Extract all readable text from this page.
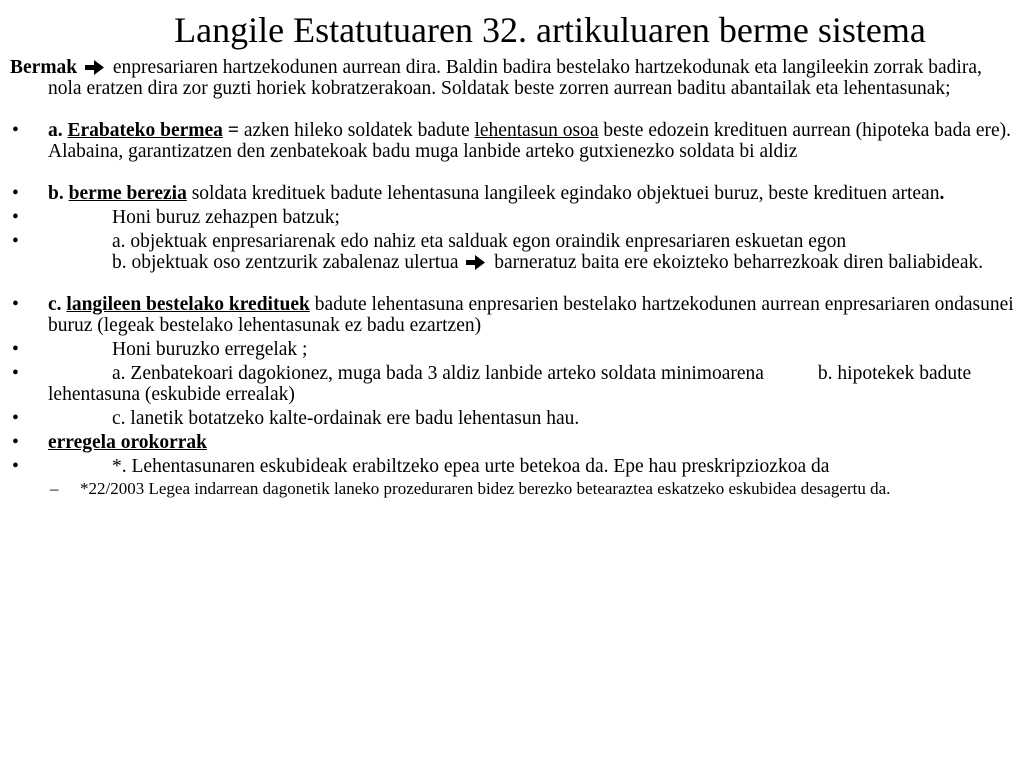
Langile Estatutuaren 32. artikuluaren berme sistema

Bermak enpresariaren hartzekodunen aurrean dira. Baldin badira bestelako hartzekodunak eta langileekin zorrak badira, nola eratzen dira zor guzti horiek kobratzerakoan. Soldatak beste zorren aurrean baditu abantailak eta lehentasunak;

• a. Erabateko bermea = azken hileko soldatek badute lehentasun osoa beste edozein kredituen aurrean (hipoteka bada ere). Alabaina, garantizatzen den zenbatekoak badu muga lanbide arteko gutxienezko soldata bi aldiz
• b. berme berezia soldata kredituek badute lehentasuna langileek egindako objektuei buruz, beste kredituen artean.
•	Honi buruz zehazpen batzuk;
•	a. objektuak enpresariarenak edo nahiz eta salduak egon oraindik enpresariaren eskuetan egon
b. objektuak oso zentzurik zabalenaz ulertua barneratuz baita ere ekoizteko beharrezkoak diren baliabideak.
• c. langileen bestelako kredituek badute lehentasuna enpresarien bestelako hartzekodunen aurrean enpresariaren ondasunei buruz (legeak bestelako lehentasunak ez badu ezartzen)
•	Honi buruzko erregelak ;
•	a. Zenbatekoari dagokionez, muga bada 3 aldiz lanbide arteko soldata minimoarena	b. hipotekek badute lehentasuna (eskubide errealak)
•	c. lanetik botatzeko kalte-ordainak ere badu lehentasun hau.
• erregela orokorrak
•	*. Lehentasunaren eskubideak erabiltzeko epea urte betekoa da. Epe hau preskripziozkoa da
– *22/2003 Legea indarrean dagonetik laneko prozeduraren bidez berezko betearaztea eskatzeko eskubidea desagertu da.
